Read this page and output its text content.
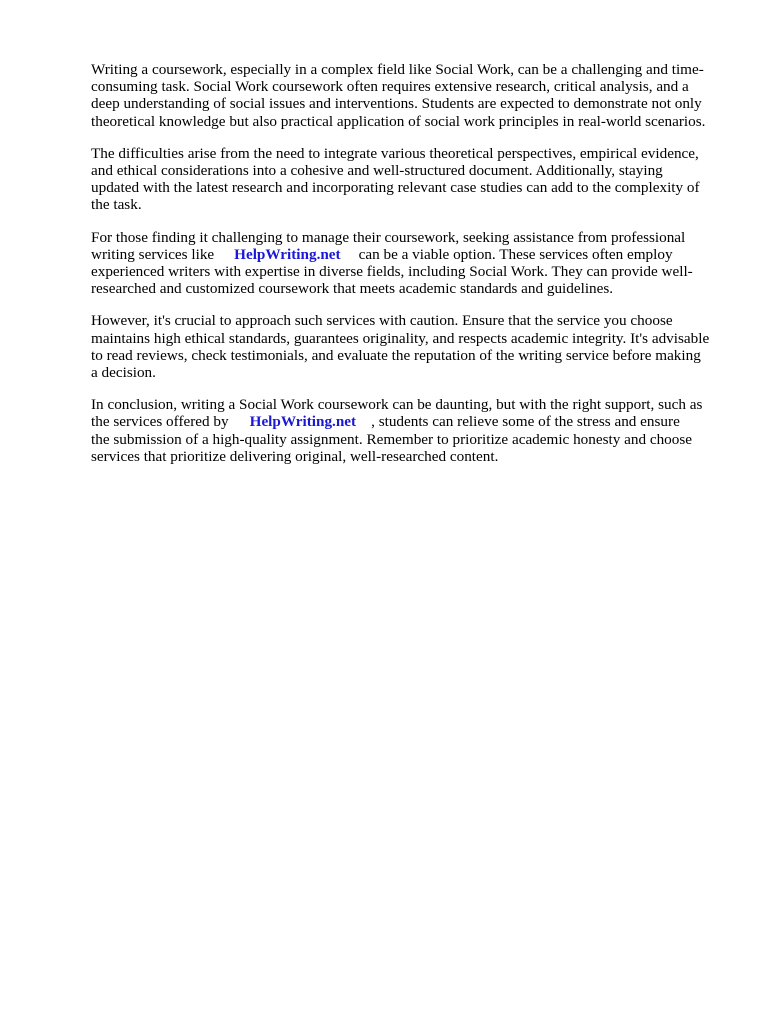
Writing a coursework, especially in a complex field like Social Work, can be a challenging and time-
consuming task. Social Work coursework often requires extensive research, critical analysis, and a
deep understanding of social issues and interventions. Students are expected to demonstrate not only
theoretical knowledge but also practical application of social work principles in real-world scenarios.

The difficulties arise from the need to integrate various theoretical perspectives, empirical evidence,
and ethical considerations into a cohesive and well-structured document. Additionally, staying
updated with the latest research and incorporating relevant case studies can add to the complexity of
the task.

For those finding it challenging to manage their coursework, seeking assistance from professional
writing services like HelpWriting.net can be a viable option. These services often employ
experienced writers with expertise in diverse fields, including Social Work. They can provide well-
researched and customized coursework that meets academic standards and guidelines.

However, it's crucial to approach such services with caution. Ensure that the service you choose
maintains high ethical standards, guarantees originality, and respects academic integrity. It's advisable
to read reviews, check testimonials, and evaluate the reputation of the writing service before making
a decision.

In conclusion, writing a Social Work coursework can be daunting, but with the right support, such as
the services offered by HelpWriting.net , students can relieve some of the stress and ensure
the submission of a high-quality assignment. Remember to prioritize academic honesty and choose
services that prioritize delivering original, well-researched content.
